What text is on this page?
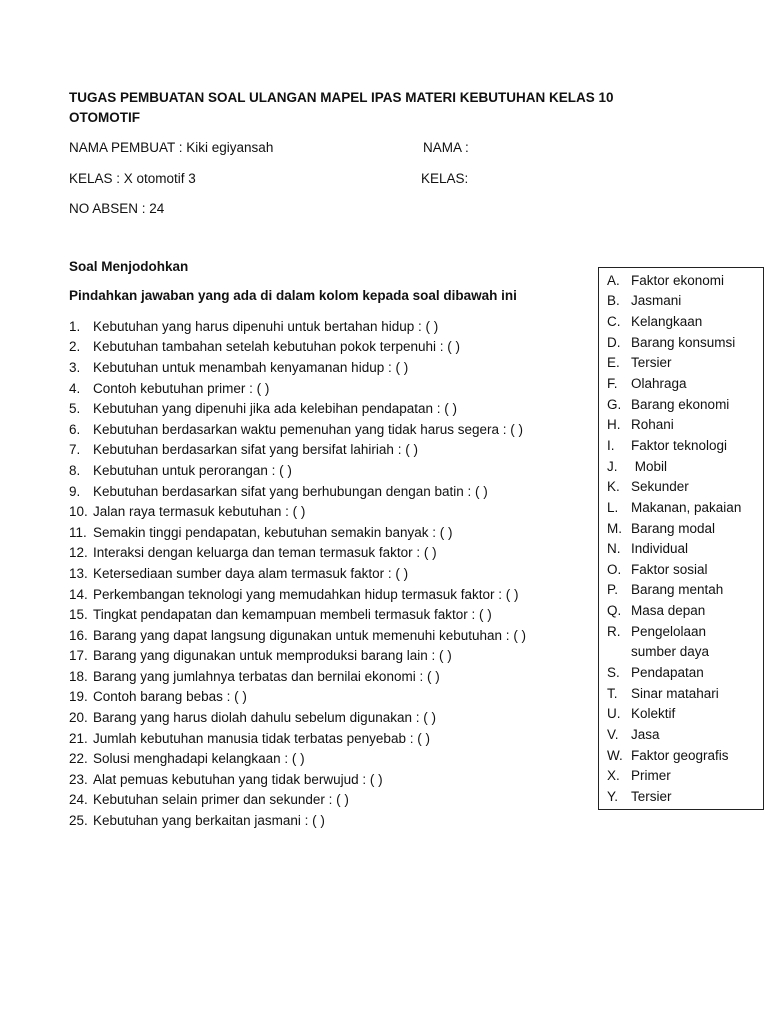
TUGAS PEMBUATAN SOAL ULANGAN MAPEL IPAS MATERI KEBUTUHAN KELAS 10
OTOMOTIF
NAMA PEMBUAT : Kiki egiyansah	NAMA :
KELAS : X otomotif 3	KELAS:
NO ABSEN : 24
Soal Menjodohkan
Pindahkan jawaban yang ada di dalam kolom kepada soal dibawah ini
1. Kebutuhan yang harus dipenuhi untuk bertahan hidup : ( )
2. Kebutuhan tambahan setelah kebutuhan pokok terpenuhi : ( )
3. Kebutuhan untuk menambah kenyamanan hidup : ( )
4. Contoh kebutuhan primer : ( )
5. Kebutuhan yang dipenuhi jika ada kelebihan pendapatan : ( )
6. Kebutuhan berdasarkan waktu pemenuhan yang tidak harus segera : ( )
7. Kebutuhan berdasarkan sifat yang bersifat lahiriah : ( )
8. Kebutuhan untuk perorangan : ( )
9. Kebutuhan berdasarkan sifat yang berhubungan dengan batin : ( )
10. Jalan raya termasuk kebutuhan : ( )
11. Semakin tinggi pendapatan, kebutuhan semakin banyak : ( )
12. Interaksi dengan keluarga dan teman termasuk faktor : ( )
13. Ketersediaan sumber daya alam termasuk faktor : ( )
14. Perkembangan teknologi yang memudahkan hidup termasuk faktor : ( )
15. Tingkat pendapatan dan kemampuan membeli termasuk faktor : ( )
16. Barang yang dapat langsung digunakan untuk memenuhi kebutuhan : ( )
17. Barang yang digunakan untuk memproduksi barang lain : ( )
18. Barang yang jumlahnya terbatas dan bernilai ekonomi : ( )
19. Contoh barang bebas : ( )
20. Barang yang harus diolah dahulu sebelum digunakan : ( )
21. Jumlah kebutuhan manusia tidak terbatas penyebab : ( )
22. Solusi menghadapi kelangkaan : ( )
23. Alat pemuas kebutuhan yang tidak berwujud : ( )
24. Kebutuhan selain primer dan sekunder : ( )
25. Kebutuhan yang berkaitan jasmani : ( )
A. Faktor ekonomi
B. Jasmani
C. Kelangkaan
D. Barang konsumsi
E. Tersier
F. Olahraga
G. Barang ekonomi
H. Rohani
I.	Faktor teknologi
J. Mobil
K. Sekunder
L. Makanan, pakaian
M. Barang modal
N. Individual
O. Faktor sosial
P. Barang mentah
Q. Masa depan
R. Pengelolaan
sumber daya
S. Pendapatan
T. Sinar matahari
U. Kolektif
V. Jasa
W. Faktor geografis
X. Primer
Y. Tersier
